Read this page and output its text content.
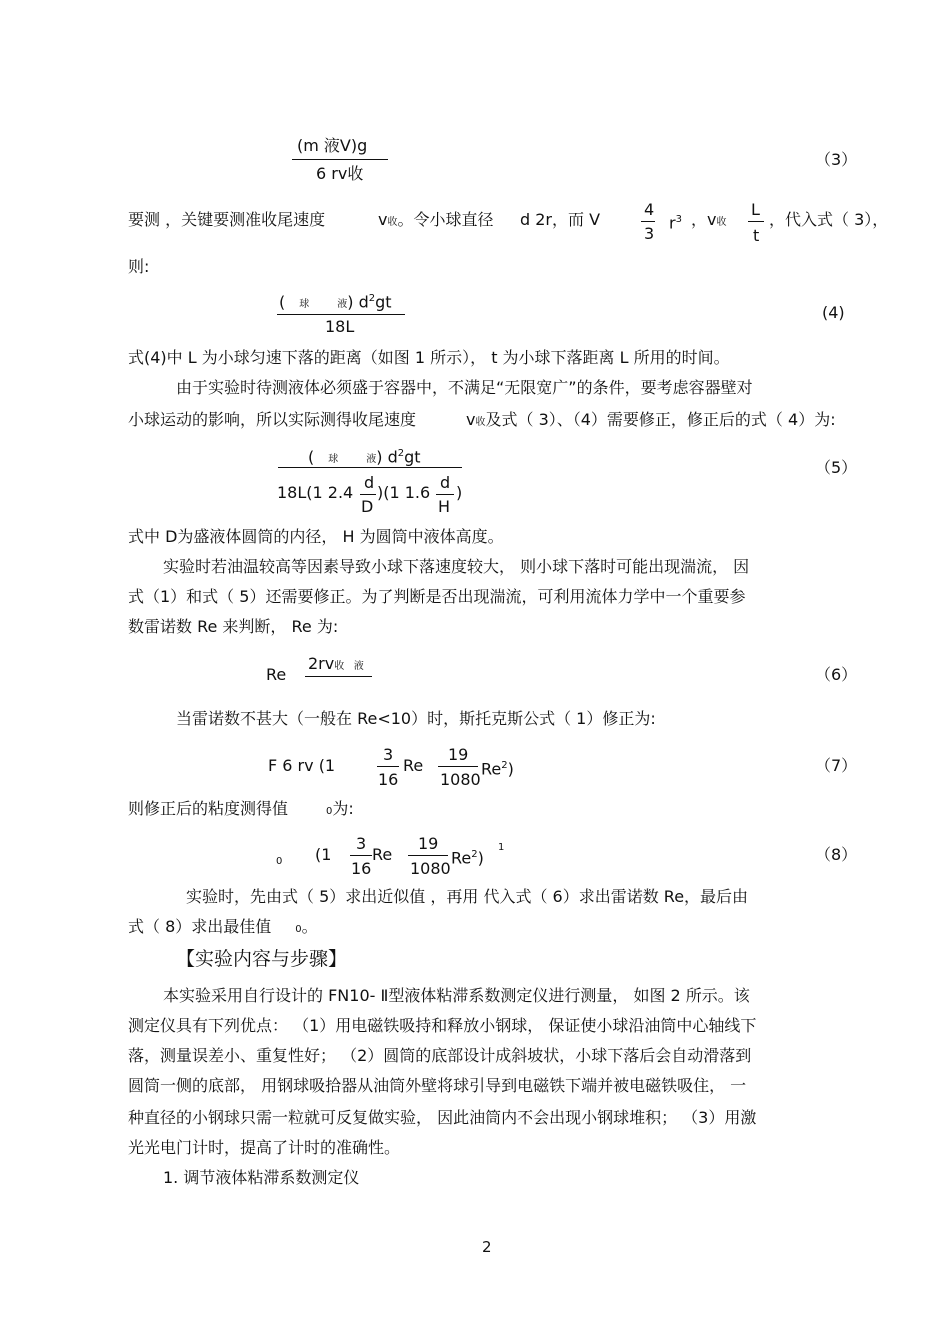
(m 液V)g
6 rv收
（3）
要测 ，关键要测准收尾速度	v收。令小球直径 d 2r，而 V
4
3
$r^3$ ，v收
L
t
，代入式（ 3），
则:
( 球	液) $d^2gt$
18L
(4)
式(4)中 L 为小球匀速下落的距离（如图 1 所示）， t 为小球下落距离 L 所用的时间。
由于实验时待测液体必须盛于容器中，不满足“无限宽广”的条件，要考虑容器壁对
小球运动的影响，所以实际测得收尾速度	v收及式（ 3）、（4）需要修正，修正后的式（ 4）为:
( 球	液) $d^2gt$
18L(1 2.4
d
D
)(1 1.6
d
H
)
（5）
式中 D为盛液体圆筒的内径， H 为圆筒中液体高度。
实验时若油温较高等因素导致小球下落速度较大， 则小球下落时可能出现湍流， 因
式（1）和式（ 5）还需要修正。为了判断是否出现湍流，可利用流体力学中一个重要参
数雷诺数 Re 来判断， Re 为:
Re
2rv收   液	（6）
当雷诺数不甚大（一般在 Re<10）时，斯托克斯公式（ 1）修正为:
F 6 rv (1
3
16
Re
19
1080
Re$^2$)	（7）
则修正后的粘度测得值	0为:
0 (1
3
16
Re
19
1080
Re$^2$)
1	（8）
实验时，先由式（ 5）求出近似值 ，再用 代入式（ 6）求出雷诺数 Re，最后由
式（ 8）求出最佳值 0。
【实验内容与步骤】
本实验采用自行设计的 FN10- Ⅱ型液体粘滞系数测定仪进行测量， 如图 2 所示。该
测定仪具有下列优点： （1）用电磁铁吸持和释放小钢球， 保证使小球沿油筒中心轴线下
落，测量误差小、重复性好； （2）圆筒的底部设计成斜坡状，小球下落后会自动滑落到
圆筒一侧的底部， 用钢球吸拾器从油筒外壁将球引导到电磁铁下端并被电磁铁吸住， 一
种直径的小钢球只需一粒就可反复做实验， 因此油筒内不会出现小钢球堆积； （3）用激
光光电门计时，提高了计时的准确性。
1. 调节液体粘滞系数测定仪
2
